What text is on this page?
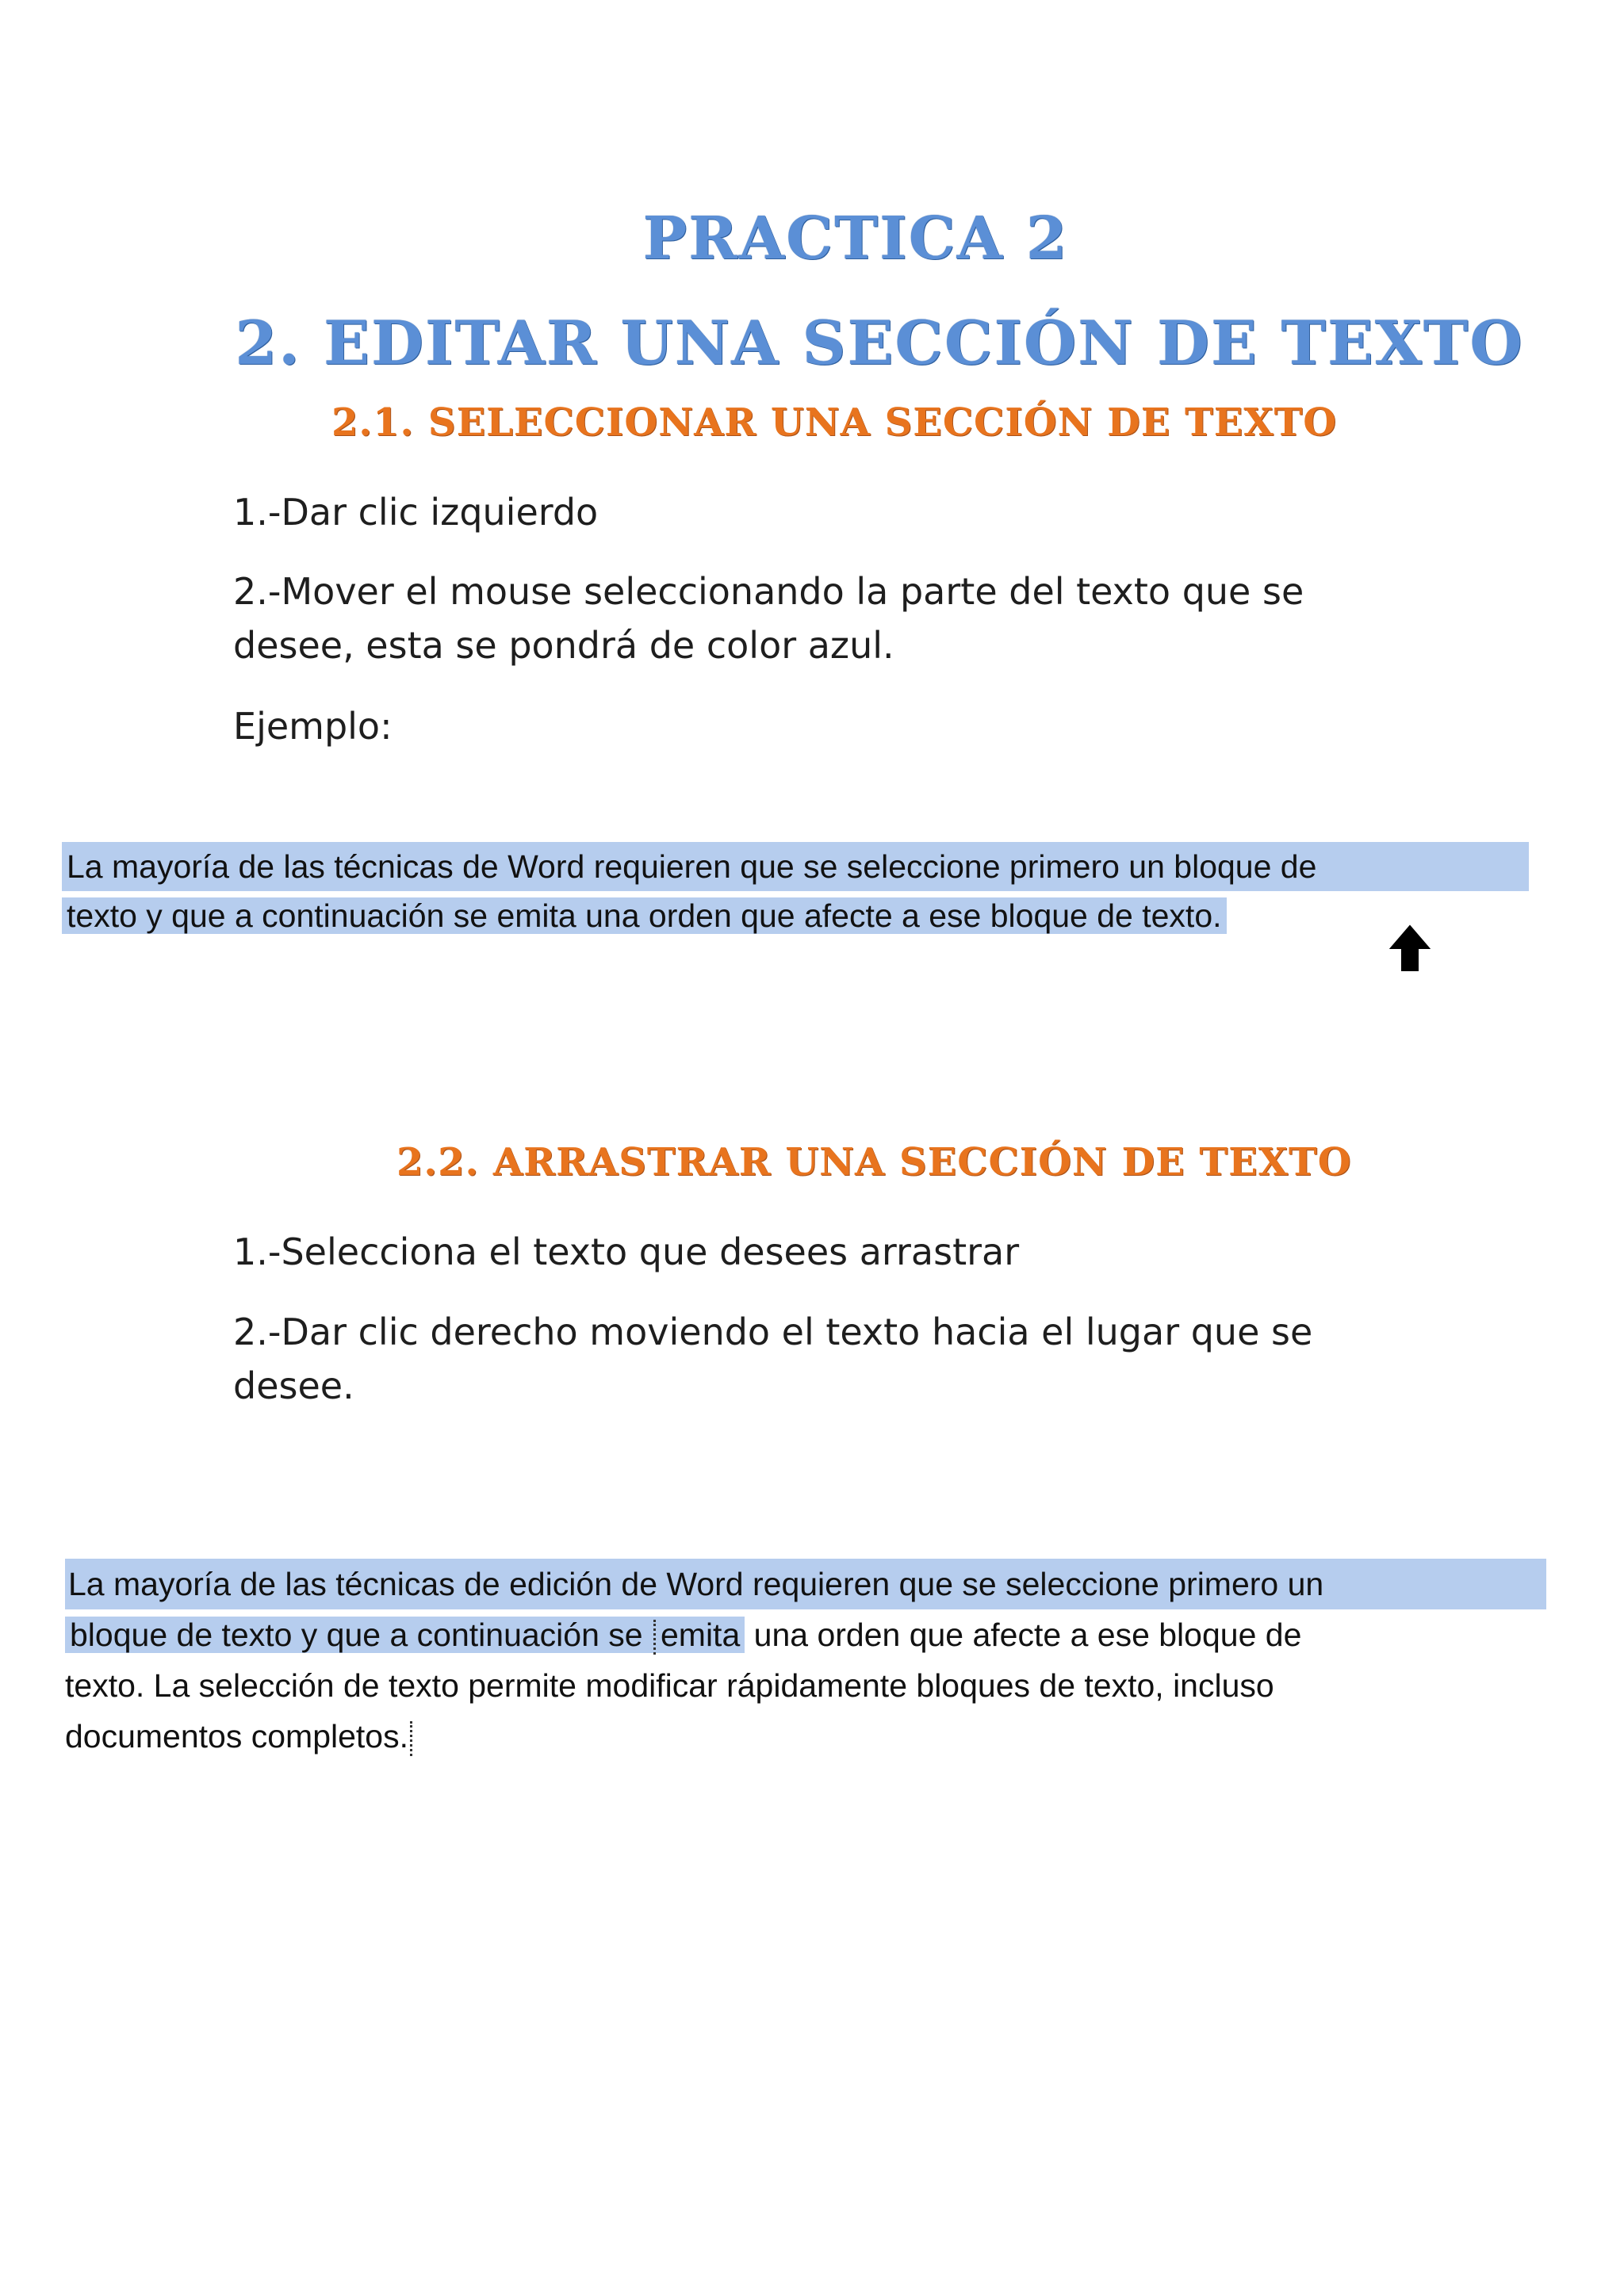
PRACTICA 2
2. EDITAR UNA SECCIÓN DE TEXTO
2.1. SELECCIONAR UNA SECCIÓN DE TEXTO

1.-Dar clic izquierdo

2.-Mover el mouse seleccionando la parte del texto que se desee, esta se pondrá de color azul.

Ejemplo:

La mayoría de las técnicas de Word requieren que se seleccione primero un bloque de
texto y que a continuación se emita una orden que afecte a ese bloque de texto.
2.2. ARRASTRAR UNA SECCIÓN DE TEXTO

1.-Selecciona el texto que desees arrastrar

2.-Dar clic derecho moviendo el texto hacia el lugar que se desee.

La mayoría de las técnicas de edición de Word requieren que se seleccione primero un
bloque de texto y que a continuación se emita una orden que afecte a ese bloque de
texto. La selección de texto permite modificar rápidamente bloques de texto, incluso
documentos completos.
